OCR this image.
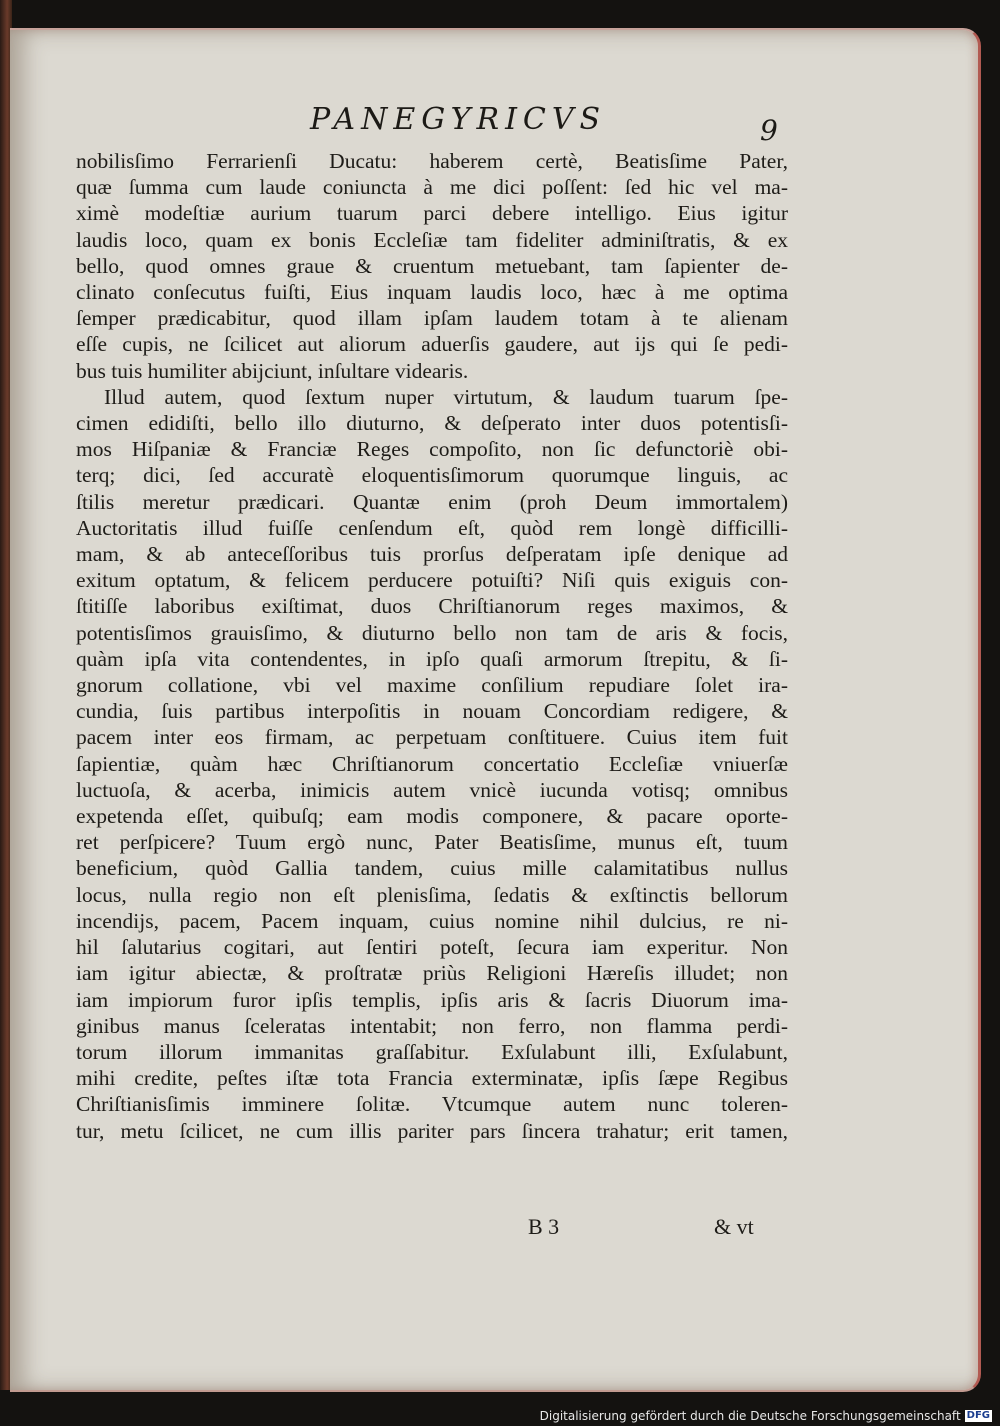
PANEGYRICVS	9
nobilisſimo Ferrarienſi Ducatu: haberem certè, Beatisſime Pater,
quæ ſumma cum laude coniuncta à me dici poſſent: ſed hic vel ma-
ximè modeſtiæ aurium tuarum parci debere intelligo. Eius igitur
laudis loco, quam ex bonis Eccleſiæ tam fideliter adminiſtratis, & ex
bello, quod omnes graue & cruentum metuebant, tam ſapienter de-
clinato conſecutus fuiſti, Eius inquam laudis loco, hæc à me optima
ſemper prædicabitur, quod illam ipſam laudem totam à te alienam
eſſe cupis, ne ſcilicet aut aliorum aduerſis gaudere, aut ijs qui ſe pedi-
bus tuis humiliter abijciunt, inſultare videaris.
Illud autem, quod ſextum nuper virtutum, & laudum tuarum ſpe-
cimen edidiſti, bello illo diuturno, & deſperato inter duos potentisſi-
mos Hiſpaniæ & Franciæ Reges compoſito, non ſic defunctoriè obi-
terq; dici, ſed accuratè eloquentisſimorum quorumque linguis, ac
ſtilis meretur prædicari. Quantæ enim (proh Deum immortalem)
Auctoritatis illud fuiſſe cenſendum eſt, quòd rem longè difficilli-
mam, & ab anteceſſoribus tuis prorſus deſperatam ipſe denique ad
exitum optatum, & felicem perducere potuiſti? Niſi quis exiguis con-
ſtitiſſe laboribus exiſtimat, duos Chriſtianorum reges maximos, &
potentisſimos grauisſimo, & diuturno bello non tam de aris & focis,
quàm ipſa vita contendentes, in ipſo quaſi armorum ſtrepitu, & ſi-
gnorum collatione, vbi vel maxime conſilium repudiare ſolet ira-
cundia, ſuis partibus interpoſitis in nouam Concordiam redigere, &
pacem inter eos firmam, ac perpetuam conſtituere. Cuius item fuit
ſapientiæ, quàm hæc Chriſtianorum concertatio Eccleſiæ vniuerſæ
luctuoſa, & acerba, inimicis autem vnicè iucunda votisq; omnibus
expetenda eſſet, quibuſq; eam modis componere, & pacare oporte-
ret perſpicere? Tuum ergò nunc, Pater Beatisſime, munus eſt, tuum
beneficium, quòd Gallia tandem, cuius mille calamitatibus nullus
locus, nulla regio non eſt plenisſima, ſedatis & exſtinctis bellorum
incendijs, pacem, Pacem inquam, cuius nomine nihil dulcius, re ni-
hil ſalutarius cogitari, aut ſentiri poteſt, ſecura iam experitur. Non
iam igitur abiectæ, & proſtratæ priùs Religioni Hæreſis illudet; non
iam impiorum furor ipſis templis, ipſis aris & ſacris Diuorum ima-
ginibus manus ſceleratas intentabit; non ferro, non flamma perdi-
torum illorum immanitas graſſabitur. Exſulabunt illi, Exſulabunt,
mihi credite, peſtes iſtæ tota Francia exterminatæ, ipſis ſæpe Regibus
Chriſtianisſimis imminere ſolitæ. Vtcumque autem nunc toleren-
tur, metu ſcilicet, ne cum illis pariter pars ſincera trahatur; erit tamen,
B 3	& vt
Digitalisierung gefördert durch die Deutsche Forschungsgemeinschaft DFG
